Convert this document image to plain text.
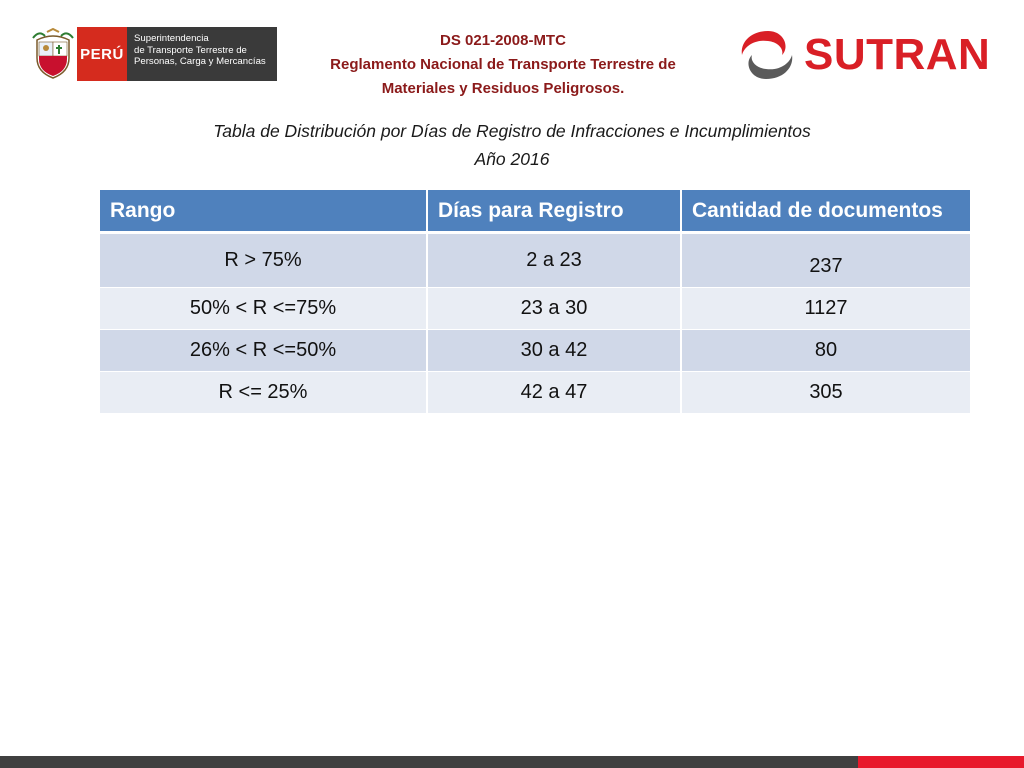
PERÚ
Superintendencia
de Transporte Terrestre de
Personas, Carga y Mercancías
DS 021-2008-MTC
Reglamento Nacional de Transporte Terrestre de
Materiales y Residuos Peligrosos.
SUTRAN
Tabla de Distribución por Días de Registro de Infracciones e Incumplimientos
Año 2016
Rango	Días para Registro	Cantidad de documentos
R > 75%	2 a 23	237
50% < R <=75%	23 a 30	1127
26% < R <=50%	30 a 42	80
R <= 25%	42 a 47	305
